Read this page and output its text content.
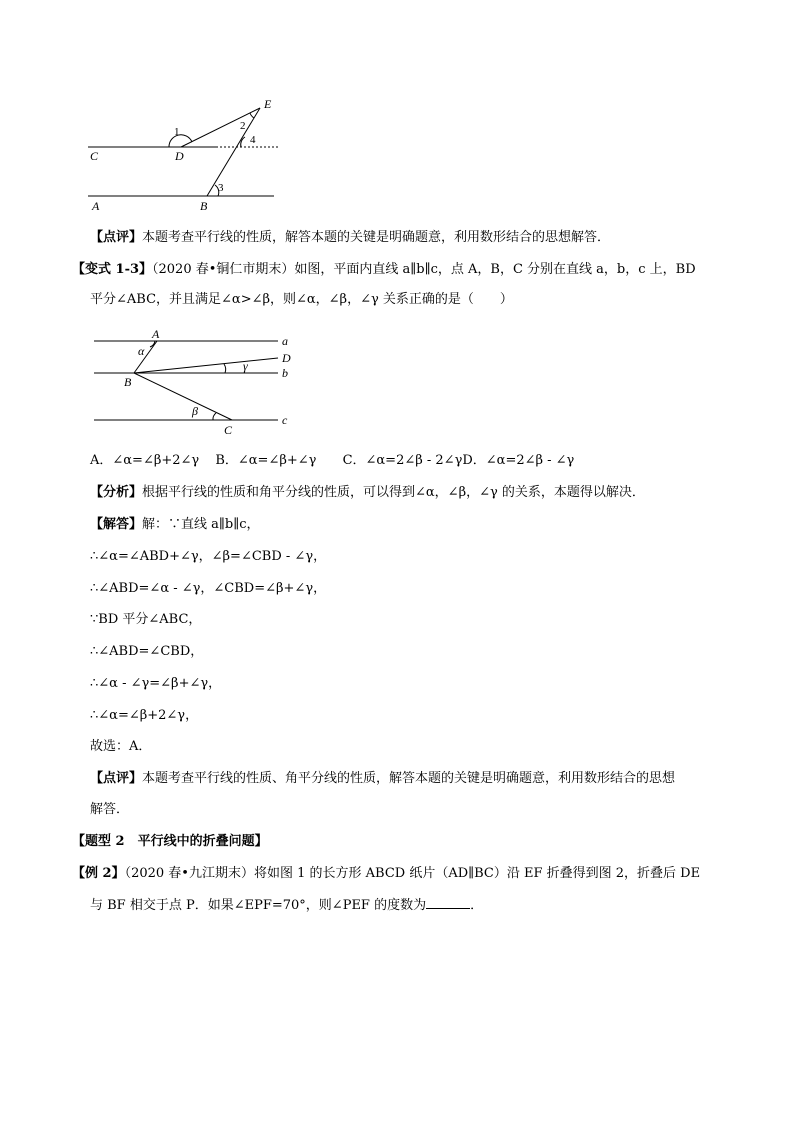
E
C	D
A	B
1	2
4
3
【点评】本题考查平行线的性质，解答本题的关键是明确题意，利用数形结合的思想解答．
【变式 1-3】（2020 春•铜仁市期末）如图，平面内直线 a∥b∥c，点 A，B，C 分别在直线 a，b，c 上，BD
平分∠ABC，并且满足∠α>∠β，则∠α，∠β，∠γ 关系正确的是（　　）
A	a
D
b
B
c
C
α
γ
β
A．∠α=∠β+2∠γ B．∠α=∠β+∠γ C．∠α=2∠β - 2∠γD．∠α=2∠β - ∠γ
【分析】根据平行线的性质和角平分线的性质，可以得到∠α，∠β，∠γ 的关系，本题得以解决．
【解答】解：∵直线 a∥b∥c，
∴∠α=∠ABD+∠γ，∠β=∠CBD - ∠γ，
∴∠ABD=∠α - ∠γ，∠CBD=∠β+∠γ，
∵BD 平分∠ABC，
∴∠ABD=∠CBD，
∴∠α - ∠γ=∠β+∠γ，
∴∠α=∠β+2∠γ，
故选：A．
【点评】本题考查平行线的性质、角平分线的性质，解答本题的关键是明确题意，利用数形结合的思想
解答．
【题型 2　平行线中的折叠问题】
【例 2】（2020 春•九江期末）将如图 1 的长方形 ABCD 纸片（AD∥BC）沿 EF 折叠得到图 2，折叠后 DE
与 BF 相交于点 P．如果∠EPF=70°，则∠PEF 的度数为	．
